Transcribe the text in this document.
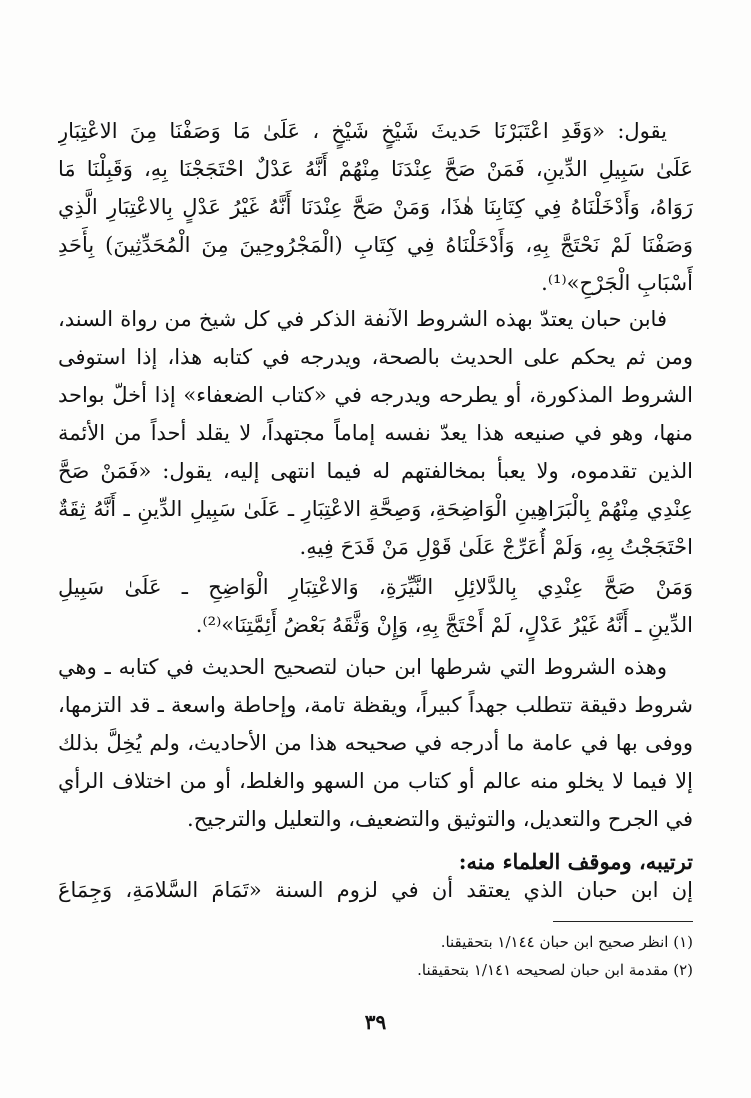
يقول: «وَقَدِ اعْتَبَرْنَا حَديثَ شَيْخٍ شَيْخٍ ، عَلَىٰ مَا وَصَفْنَا مِنَ الاعْتِبَارِ
عَلَىٰ سَبِيلِ الدِّينِ، فَمَنْ صَحَّ عِنْدَنَا مِنْهُمْ أَنَّهُ عَدْلٌ احْتَجَجْنَا بِهِ، وَقَبِلْنَا مَا
رَوَاهُ، وَأَدْخَلْنَاهُ فِي كِتَابِنَا هٰذَا، وَمَنْ صَحَّ عِنْدَنَا أَنَّهُ غَيْرُ عَدْلٍ بِالاعْتِبَارِ الَّذِي
وَصَفْنَا لَمْ نَحْتَجَّ بِهِ، وَأَدْخَلْنَاهُ فِي كِتَابِ (الْمَجْرُوحِينَ مِنَ الْمُحَدِّثِينَ) بِأَحَدِ
أَسْبَابِ الْجَرْحِ»⁽¹⁾.
فابن حبان يعتدّ بهذه الشروط الآنفة الذكر في كل شيخ من رواة السند،
ومن ثم يحكم على الحديث بالصحة، ويدرجه في كتابه هذا، إذا استوفى
الشروط المذكورة، أو يطرحه ويدرجه في «كتاب الضعفاء» إذا أخلّ بواحد
منها، وهو في صنيعه هذا يعدّ نفسه إماماً مجتهداً، لا يقلد أحداً من الأئمة
الذين تقدموه، ولا يعبأ بمخالفتهم له فيما انتهى إليه، يقول: «فَمَنْ صَحَّ
عِنْدِي مِنْهُمْ بِالْبَرَاهِينِ الْوَاضِحَةِ، وَصِحَّةِ الاعْتِبَارِ ـ عَلَىٰ سَبِيلِ الدِّينِ ـ أَنَّهُ ثِقَةٌ
احْتَجَجْتُ بِهِ، وَلَمْ أُعَرِّجْ عَلَىٰ قَوْلِ مَنْ قَدَحَ فِيهِ.
وَمَنْ صَحَّ عِنْدِي بِالدَّلائِلِ النَّيِّرَةِ، وَالاعْتِبَارِ الْوَاضِحِ ـ عَلَىٰ سَبِيلِ
الدِّينِ ـ أَنَّهُ غَيْرُ عَدْلٍ، لَمْ أَحْتَجَّ بِهِ، وَإِنْ وَثَّقَهُ بَعْضُ أَئِمَّتِنَا»⁽²⁾.
وهذه الشروط التي شرطها ابن حبان لتصحيح الحديث في كتابه ـ وهي
شروط دقيقة تتطلب جهداً كبيراً، ويقظة تامة، وإحاطة واسعة ـ قد التزمها،
ووفى بها في عامة ما أدرجه في صحيحه هذا من الأحاديث، ولم يُخِلَّ بذلك
إلا فيما لا يخلو منه عالم أو كتاب من السهو والغلط، أو من اختلاف الرأي
في الجرح والتعديل، والتوثيق والتضعيف، والتعليل والترجيح.
ترتيبه، وموقف العلماء منه:
إن ابن حبان الذي يعتقد أن في لزوم السنة «تَمَامَ السَّلامَةِ، وَجِمَاعَ
(١) انظر صحيح ابن حبان ١/١٤٤ بتحقيقنا.
(٢) مقدمة ابن حبان لصحيحه ١/١٤١ بتحقيقنا.
٣٩
